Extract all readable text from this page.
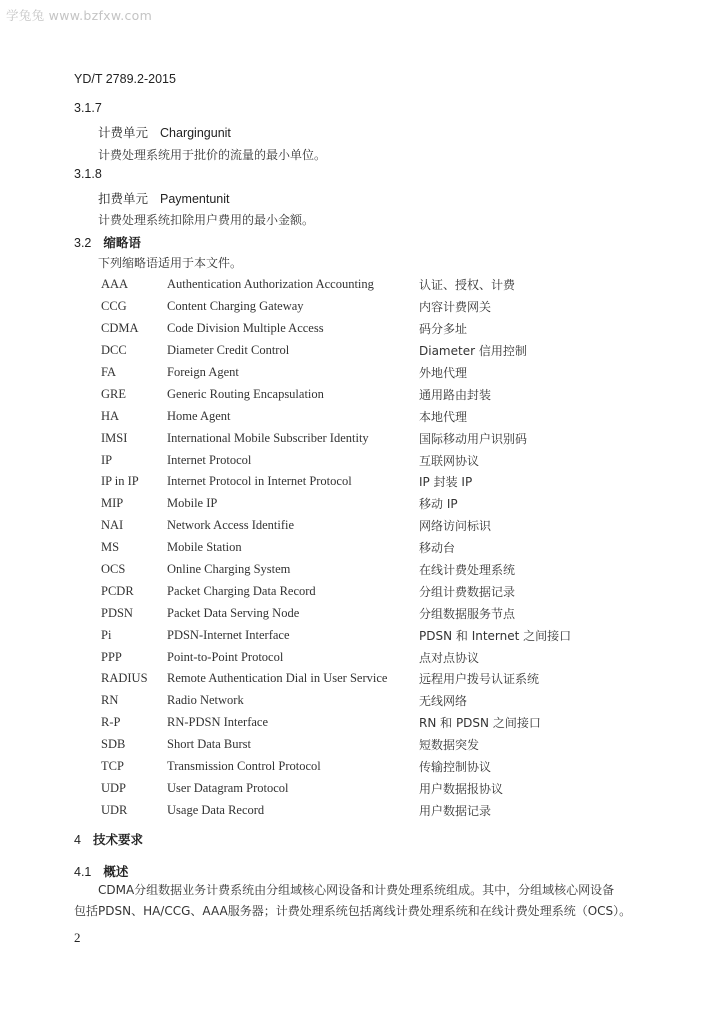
学兔兔 www.bzfxw.com
YD/T 2789.2-2015
3.1.7
计费单元 Chargingunit
计费处理系统用于批价的流量的最小单位。
3.1.8
扣费单元 Paymentunit
计费处理系统扣除用户费用的最小金额。
3.2 缩略语
下列缩略语适用于本文件。
AAA	Authentication Authorization Accounting	认证、授权、计费
CCG	Content Charging Gateway	内容计费网关
CDMA	Code Division Multiple Access	码分多址
DCC	Diameter Credit Control	Diameter 信用控制
FA	Foreign Agent	外地代理
GRE	Generic Routing Encapsulation	通用路由封装
HA	Home Agent	本地代理
IMSI	International Mobile Subscriber Identity	国际移动用户识别码
IP	Internet Protocol	互联网协议
IP in IP	Internet Protocol in Internet Protocol	IP 封装 IP
MIP	Mobile IP	移动 IP
NAI	Network Access Identifie	网络访问标识
MS	Mobile Station	移动台
OCS	Online Charging System	在线计费处理系统
PCDR	Packet Charging Data Record	分组计费数据记录
PDSN	Packet Data Serving Node	分组数据服务节点
Pi	PDSN-Internet Interface	PDSN 和 Internet 之间接口
PPP	Point-to-Point Protocol	点对点协议
RADIUS	Remote Authentication Dial in User Service	远程用户拨号认证系统
RN	Radio Network	无线网络
R-P	RN-PDSN Interface	RN 和 PDSN 之间接口
SDB	Short Data Burst	短数据突发
TCP	Transmission Control Protocol	传输控制协议
UDP	User Datagram Protocol	用户数据报协议
UDR	Usage Data Record	用户数据记录
4 技术要求
4.1 概述
CDMA分组数据业务计费系统由分组域核心网设备和计费处理系统组成。其中，分组域核心网设备
包括PDSN、HA/CCG、AAA服务器；计费处理系统包括离线计费处理系统和在线计费处理系统（OCS）。
2
